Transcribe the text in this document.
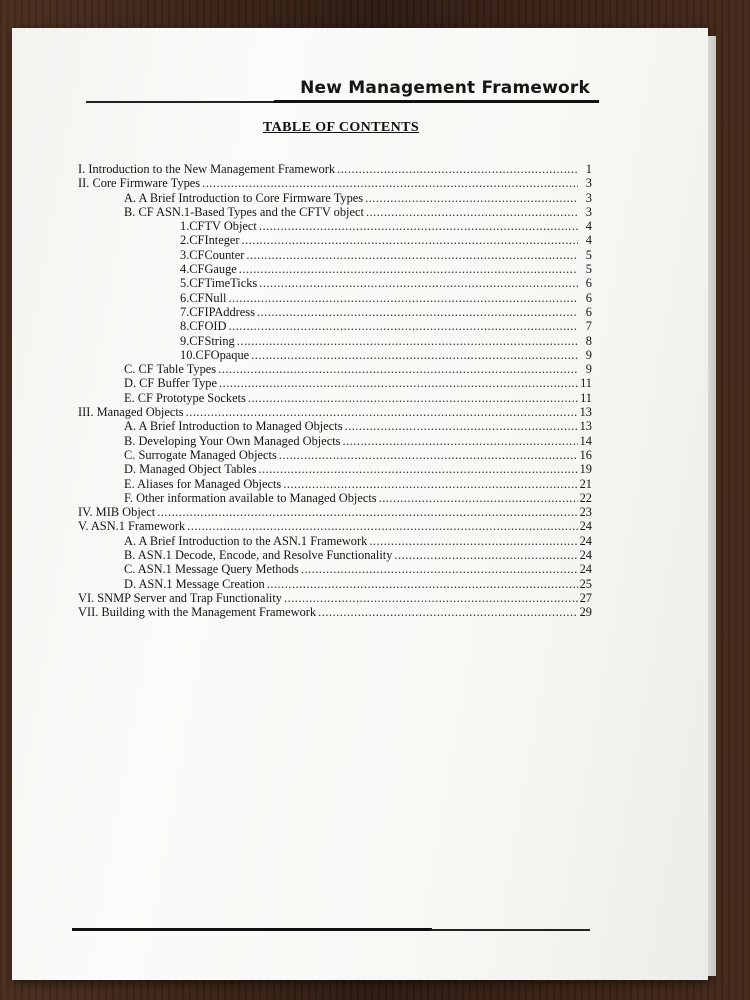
New Management Framework
TABLE OF CONTENTS
I. Introduction to the New Management Framework .....	1
II. Core Firmware Types .....	3
A. A Brief Introduction to Core Firmware Types .....	3
B. CF ASN.1-Based Types and the CFTV object .....	3
1.CFTV Object .....	4
2.CFInteger .....	4
3.CFCounter .....	5
4.CFGauge .....	5
5.CFTimeTicks .....	6
6.CFNull .....	6
7.CFIPAddress .....	6
8.CFOID .....	7
9.CFString .....	8
10.CFOpaque .....	9
C. CF Table Types .....	9
D. CF Buffer Type .....	11
E. CF Prototype Sockets .....	11
III. Managed Objects .....	13
A. A Brief Introduction to Managed Objects .....	13
B. Developing Your Own Managed Objects .....	14
C. Surrogate Managed Objects .....	16
D. Managed Object Tables .....	19
E. Aliases for Managed Objects .....	21
F. Other information available to Managed Objects .....	22
IV. MIB Object .....	23
V. ASN.1 Framework .....	24
A. A Brief Introduction to the ASN.1 Framework .....	24
B. ASN.1 Decode, Encode, and Resolve Functionality .....	24
C. ASN.1 Message Query Methods .....	24
D. ASN.1 Message Creation .....	25
VI. SNMP Server and Trap Functionality .....	27
VII. Building with the Management Framework .....	29
